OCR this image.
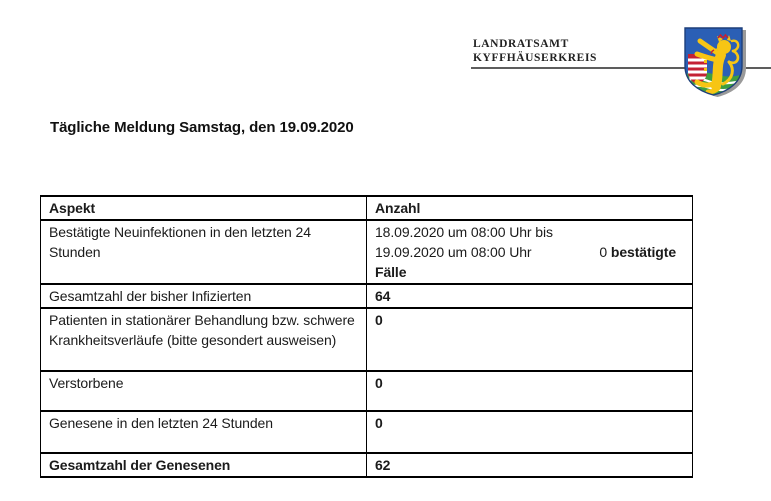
LANDRATSAMT
KYFFHÄUSERKREIS
Tägliche Meldung Samstag, den 19.09.2020
Aspekt	Anzahl
Bestätigte Neuinfektionen in den letzten 24 Stunden	18.09.2020 um 08:00 Uhr bis
19.09.2020 um 08:00 Uhr 0 bestätigte
Fälle

Gesamtzahl der bisher Infizierten	64
Patienten in stationärer Behandlung bzw. schwere Krankheitsverläufe (bitte gesondert ausweisen)	0
Verstorbene	0
Genesene in den letzten 24 Stunden	0
Gesamtzahl der Genesenen	62
